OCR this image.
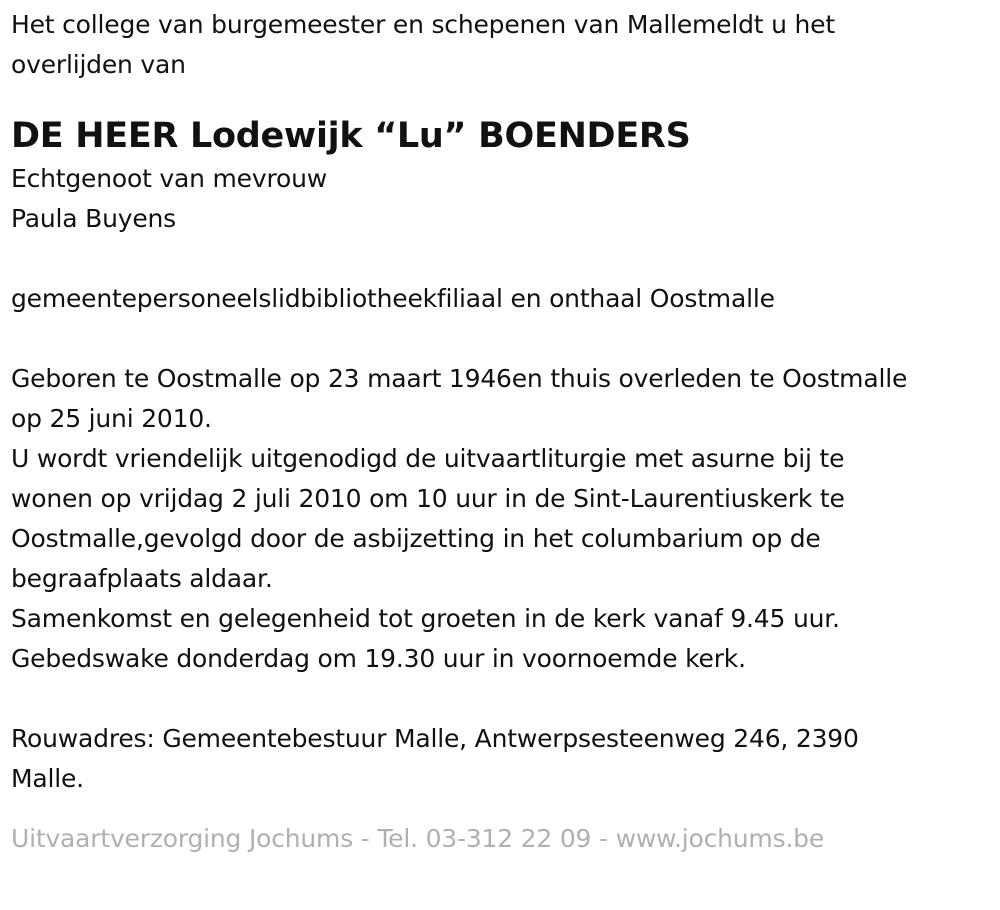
Het college van burgemeester en schepenen van Mallemeldt u het
overlijden van
DE HEER Lodewijk “Lu” BOENDERS
Echtgenoot van mevrouw
Paula Buyens
gemeentepersoneelslidbibliotheekfiliaal en onthaal Oostmalle
Geboren te Oostmalle op 23 maart 1946en thuis overleden te Oostmalle
op 25 juni 2010.
U wordt vriendelijk uitgenodigd de uitvaartliturgie met asurne bij te
wonen op vrijdag 2 juli 2010 om 10 uur in de Sint-Laurentiuskerk te
Oostmalle,gevolgd door de asbijzetting in het columbarium op de
begraafplaats aldaar.
Samenkomst en gelegenheid tot groeten in de kerk vanaf 9.45 uur.
Gebedswake donderdag om 19.30 uur in voornoemde kerk.
Rouwadres: Gemeentebestuur Malle, Antwerpsesteenweg 246, 2390
Malle.
Uitvaartverzorging Jochums - Tel. 03-312 22 09 - www.jochums.be
